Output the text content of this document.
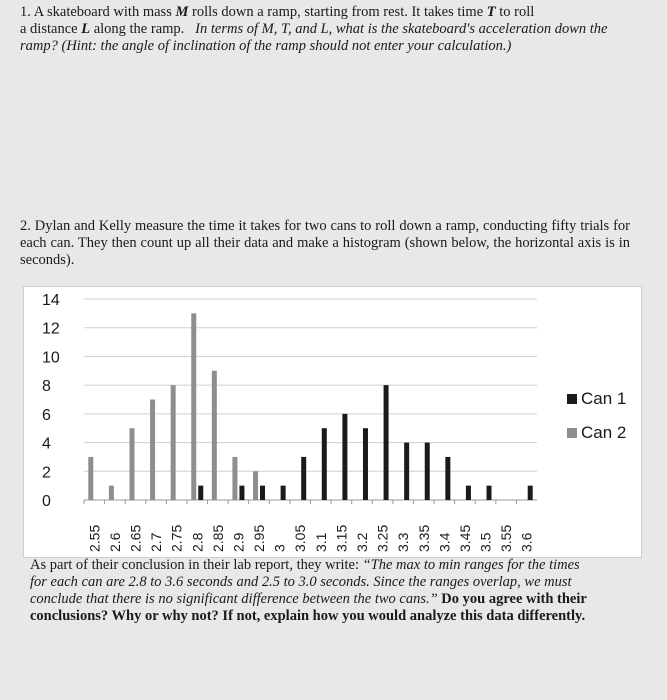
1. A skateboard with mass M rolls down a ramp, starting from rest. It takes time T to roll
a distance L along the ramp.   In terms of M, T, and L, what is the skateboard's acceleration down the ramp? (Hint: the angle of inclination of the ramp should not enter your calculation.)
2. Dylan and Kelly measure the time it takes for two cans to roll down a ramp, conducting fifty trials for each can. They then count up all their data and make a histogram (shown below, the horizontal axis is in seconds).
14
12
10
8
6
4
2
0
2.55 2.6 2.65 2.7 2.75 2.8 2.85 2.9 2.95 3 3.05 3.1 3.15 3.2 3.25 3.3 3.35 3.4 3.45 3.5 3.55 3.6
Can 1
Can 2
As part of their conclusion in their lab report, they write: “The max to min ranges for the times for each can are 2.8 to 3.6 seconds and 2.5 to 3.0 seconds. Since the ranges overlap, we must conclude that there is no significant difference between the two cans.” Do you agree with their conclusions? Why or why not? If not, explain how you would analyze this data differently.
